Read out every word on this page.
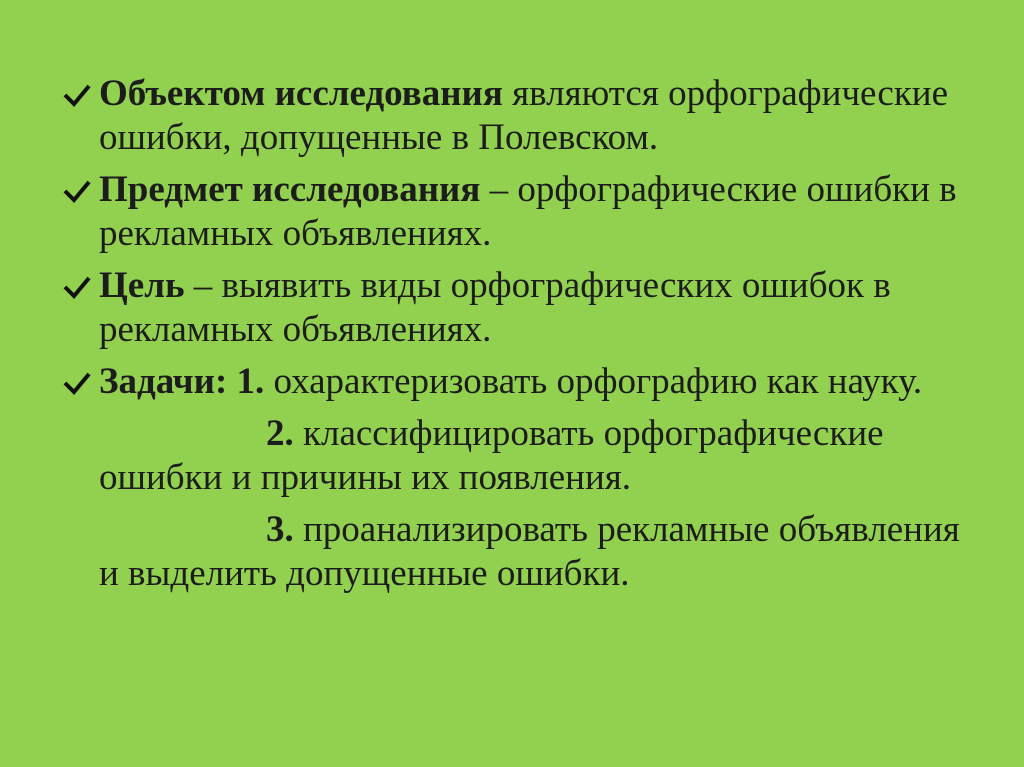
Объектом исследования являются орфографические ошибки, допущенные в Полевском.
Предмет исследования – орфографические ошибки в рекламных объявлениях.
Цель – выявить виды орфографических ошибок в рекламных объявлениях.
Задачи: 1. охарактеризовать орфографию как науку.
2. классифицировать орфографические ошибки и причины их появления.
3. проанализировать рекламные объявления и выделить допущенные ошибки.
